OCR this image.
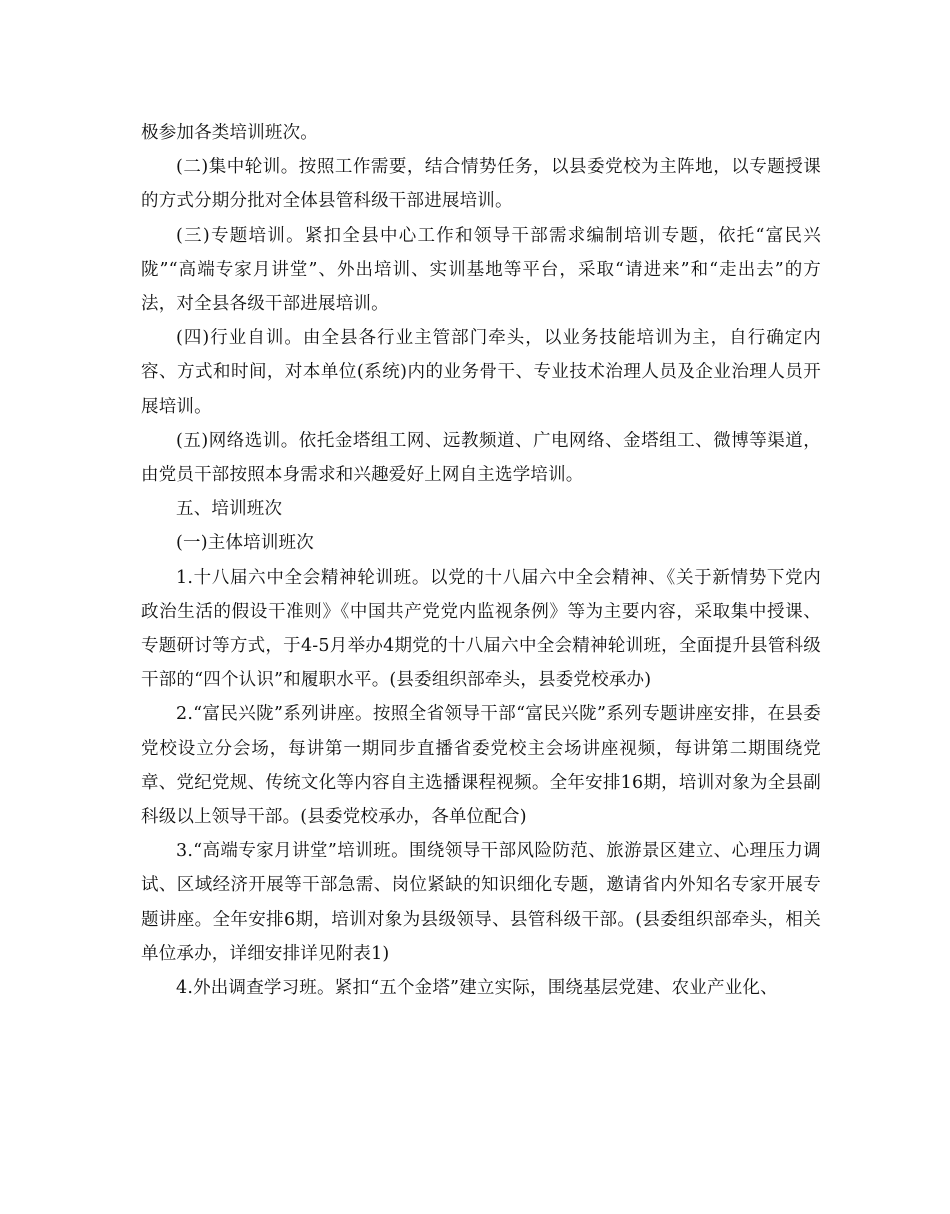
极参加各类培训班次。

(二)集中轮训。按照工作需要，结合情势任务，以县委党校为主阵地，以专题授课的方式分期分批对全体县管科级干部进展培训。

(三)专题培训。紧扣全县中心工作和领导干部需求编制培训专题，依托“富民兴陇”“高端专家月讲堂”、外出培训、实训基地等平台，采取“请进来”和“走出去”的方法，对全县各级干部进展培训。

(四)行业自训。由全县各行业主管部门牵头，以业务技能培训为主，自行确定内容、方式和时间，对本单位(系统)内的业务骨干、专业技术治理人员及企业治理人员开展培训。

(五)网络选训。依托金塔组工网、远教频道、广电网络、金塔组工、微博等渠道，由党员干部按照本身需求和兴趣爱好上网自主选学培训。

五、培训班次

(一)主体培训班次

1.十八届六中全会精神轮训班。以党的十八届六中全会精神、《关于新情势下党内政治生活的假设干准则》《中国共产党党内监视条例》等为主要内容，采取集中授课、专题研讨等方式，于4-5月举办4期党的十八届六中全会精神轮训班，全面提升县管科级干部的“四个认识”和履职水平。(县委组织部牵头，县委党校承办)

2.“富民兴陇”系列讲座。按照全省领导干部“富民兴陇”系列专题讲座安排，在县委党校设立分会场，每讲第一期同步直播省委党校主会场讲座视频，每讲第二期围绕党章、党纪党规、传统文化等内容自主选播课程视频。全年安排16期，培训对象为全县副科级以上领导干部。(县委党校承办，各单位配合)

3.“高端专家月讲堂”培训班。围绕领导干部风险防范、旅游景区建立、心理压力调试、区域经济开展等干部急需、岗位紧缺的知识细化专题，邀请省内外知名专家开展专题讲座。全年安排6期，培训对象为县级领导、县管科级干部。(县委组织部牵头，相关单位承办，详细安排详见附表1)

4.外出调查学习班。紧扣“五个金塔”建立实际，围绕基层党建、农业产业化、
